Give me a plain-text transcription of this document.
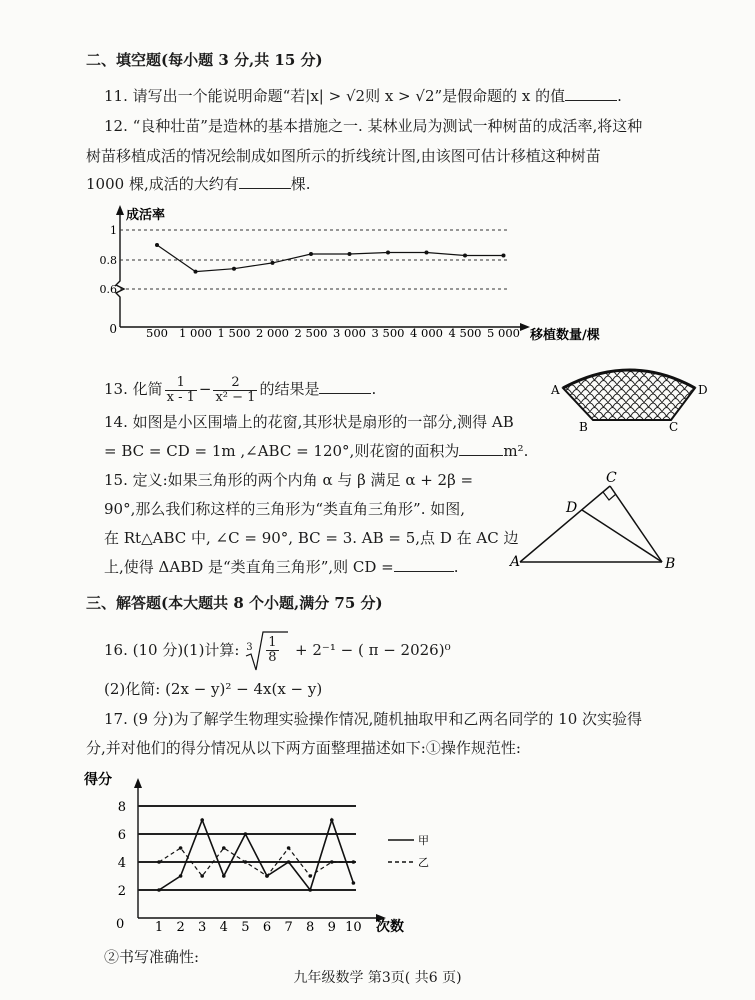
二、填空题(每小题 3 分,共 15 分)
11. 请写出一个能说明命题“若|x| > √2则 x > √2”是假命题的 x 的值	.
12. “良种壮苗”是造林的基本措施之一. 某林业局为测试一种树苗的成活率,将这种
树苗移植成活的情况绘制成如图所示的折线统计图,由该图可估计移植这种树苗
1000 棵,成活的大约有	棵.
成活率
移植数量/棵
0
1
0.8
0.6
500 1 000 1 500 2 000 2 500 3 000 3 500 4 000 4 500 5 000
13. 化简 $\frac{1}{x - 1} - \frac{2}{\text{x² − 1}}$ 的结果是	.	A	D
B	C
14. 如图是小区围墙上的花窗,其形状是扇形的一部分,测得 AB
= BC = CD = 1m ,∠ABC = 120°,则花窗的面积为	m².
15. 定义:如果三角形的两个内角 α 与 β 满足 α + 2β =
90°,那么我们称这样的三角形为“类直角三角形”. 如图,
在 Rt△ABC 中, ∠C = 90°, BC = 3. AB = 5,点 D 在 AC 边
上,使得 ΔABD 是“类直角三角形”,则 CD =	.	A	B
C
D
三、解答题(本大题共 8 个小题,满分 75 分)
16. (10 分)(1)计算: $3 \frac{1}{8} + 2^{-1}$ − ( π − 2026)⁰
(2)化简: (2x − y)² − 4x(x − y)
17. (9 分)为了解学生物理实验操作情况,随机抽取甲和乙两名同学的 10 次实验得
分,并对他们的得分情况从以下两方面整理描述如下:①操作规范性:
得分
次数
0
2
4
6
8
1 2 3 4 5 6 7 8 9 10
甲
乙
②书写准确性:
九年级数学 第3页( 共6 页)
